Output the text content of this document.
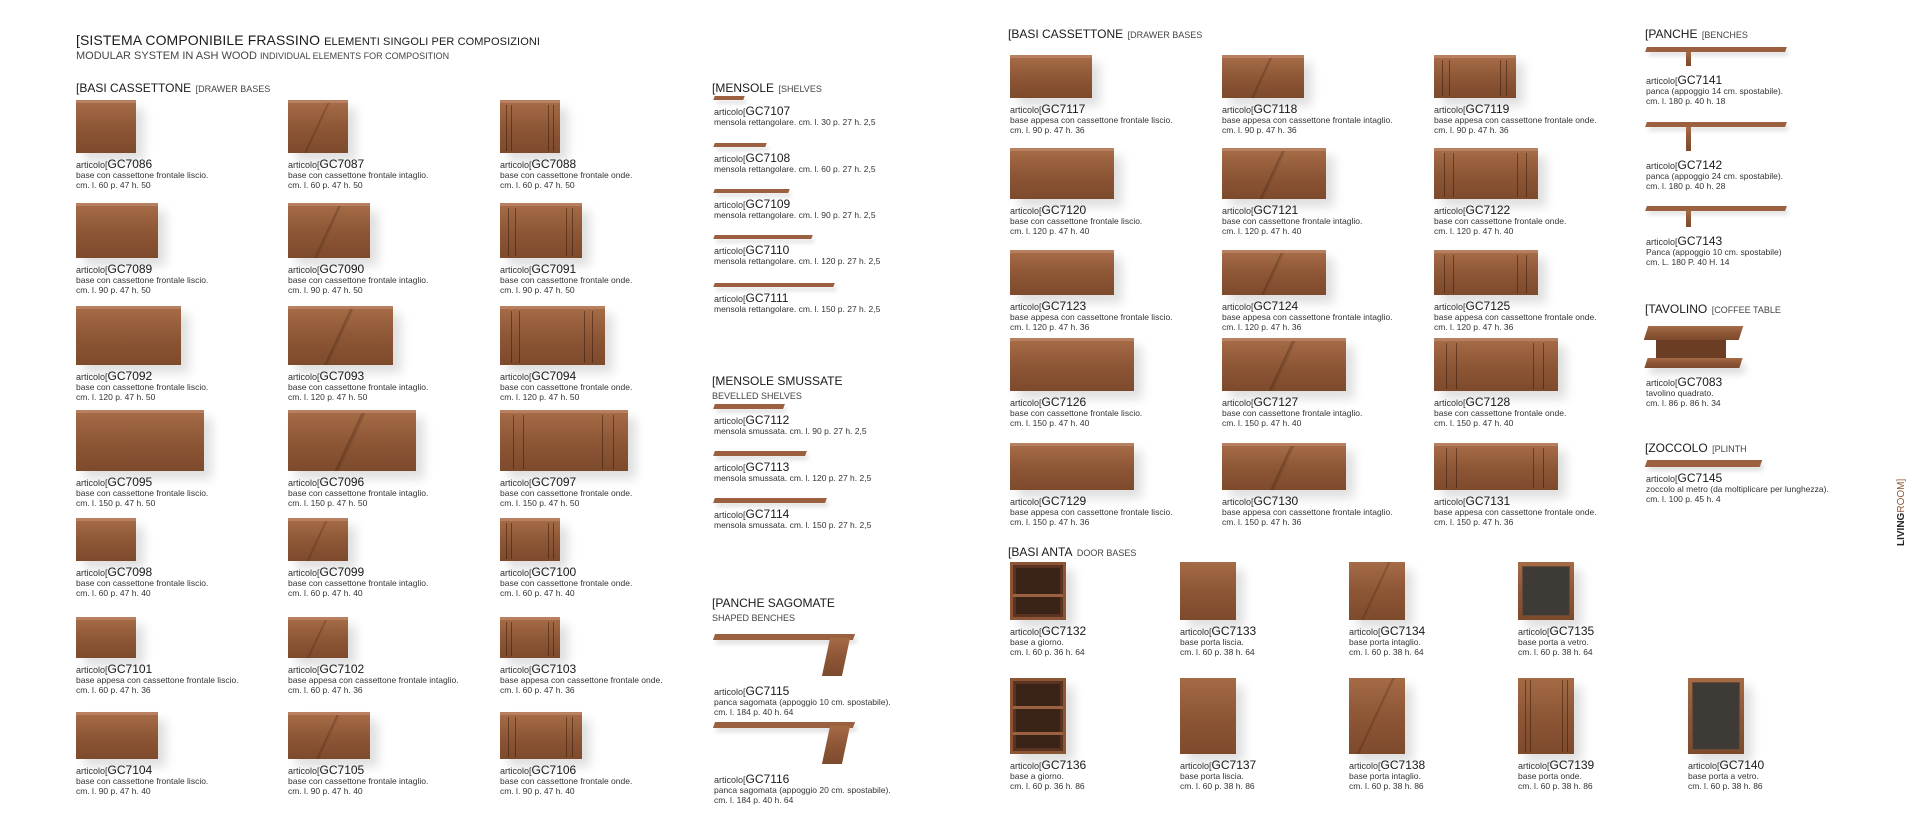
[SISTEMA COMPONIBILE FRASSINO ELEMENTI SINGOLI PER COMPOSIZIONI
MODULAR SYSTEM IN ASH WOOD INDIVIDUAL ELEMENTS FOR COMPOSITION
[BASI CASSETTONE [DRAWER BASES	[MENSOLE [SHELVES
[MENSOLE SMUSSATE
BEVELLED SHELVES
[PANCHE SAGOMATE
SHAPED BENCHES
[BASI CASSETTONE [DRAWER BASES	[PANCHE [BENCHES
[TAVOLINO [COFFEE TABLE
[ZOCCOLO [PLINTH
[BASI ANTA DOOR BASES
LIVINGROOM]
articolo[GC7086
base con cassettone frontale liscio.
cm. l. 60 p. 47 h. 50
articolo[GC7087
base con cassettone frontale intaglio.
cm. l. 60 p. 47 h. 50
articolo[GC7088
base con cassettone frontale onde.
cm. l. 60 p. 47 h. 50
articolo[GC7089
base con cassettone frontale liscio.
cm. l. 90 p. 47 h. 50
articolo[GC7090
base con cassettone frontale intaglio.
cm. l. 90 p. 47 h. 50
articolo[GC7091
base con cassettone frontale onde.
cm. l. 90 p. 47 h. 50
articolo[GC7092
base con cassettone frontale liscio.
cm. l. 120 p. 47 h. 50
articolo[GC7093
base con cassettone frontale intaglio.
cm. l. 120 p. 47 h. 50
articolo[GC7094
base con cassettone frontale onde.
cm. l. 120 p. 47 h. 50
articolo[GC7095
base con cassettone frontale liscio.
cm. l. 150 p. 47 h. 50
articolo[GC7096
base con cassettone frontale intaglio.
cm. l. 150 p. 47 h. 50
articolo[GC7097
base con cassettone frontale onde.
cm. l. 150 p. 47 h. 50
articolo[GC7098
base con cassettone frontale liscio.
cm. l. 60 p. 47 h. 40
articolo[GC7099
base con cassettone frontale intaglio.
cm. l. 60 p. 47 h. 40
articolo[GC7100
base con cassettone frontale onde.
cm. l. 60 p. 47 h. 40
articolo[GC7101
base appesa con cassettone frontale liscio.
cm. l. 60 p. 47 h. 36
articolo[GC7102
base appesa con cassettone frontale intaglio.
cm. l. 60 p. 47 h. 36
articolo[GC7103
base appesa con cassettone frontale onde.
cm. l. 60 p. 47 h. 36
articolo[GC7104
base con cassettone frontale liscio.
cm. l. 90 p. 47 h. 40
articolo[GC7105
base con cassettone frontale intaglio.
cm. l. 90 p. 47 h. 40
articolo[GC7106
base con cassettone frontale onde.
cm. l. 90 p. 47 h. 40
articolo[GC7107
mensola rettangolare. cm. l. 30 p. 27 h. 2,5
articolo[GC7108
mensola rettangolare. cm. l. 60 p. 27 h. 2,5
articolo[GC7109
mensola rettangolare. cm. l. 90 p. 27 h. 2,5
articolo[GC7110
mensola rettangolare. cm. l. 120 p. 27 h. 2,5
articolo[GC7111
mensola rettangolare. cm. l. 150 p. 27 h. 2,5
articolo[GC7112
mensola smussata. cm. l. 90 p. 27 h. 2,5
articolo[GC7113
mensola smussata. cm. l. 120 p. 27 h. 2,5
articolo[GC7114
mensola smussata. cm. l. 150 p. 27 h. 2,5
articolo[GC7115
panca sagomata (appoggio 10 cm. spostabile).
cm. l. 184 p. 40 h. 64
articolo[GC7116
panca sagomata (appoggio 20 cm. spostabile).
cm. l. 184 p. 40 h. 64
articolo[GC7117
base appesa con cassettone frontale liscio.
cm. l. 90 p. 47 h. 36
articolo[GC7118
base appesa con cassettone frontale intaglio.
cm. l. 90 p. 47 h. 36
articolo[GC7119
base appesa con cassettone frontale onde.
cm. l. 90 p. 47 h. 36
articolo[GC7120
base con cassettone frontale liscio.
cm. l. 120 p. 47 h. 40
articolo[GC7121
base con cassettone frontale intaglio.
cm. l. 120 p. 47 h. 40
articolo[GC7122
base con cassettone frontale onde.
cm. l. 120 p. 47 h. 40
articolo[GC7123
base appesa con cassettone frontale liscio.
cm. l. 120 p. 47 h. 36
articolo[GC7124
base appesa con cassettone frontale intaglio.
cm. l. 120 p. 47 h. 36
articolo[GC7125
base appesa con cassettone frontale onde.
cm. l. 120 p. 47 h. 36
articolo[GC7126
base con cassettone frontale liscio.
cm. l. 150 p. 47 h. 40
articolo[GC7127
base con cassettone frontale intaglio.
cm. l. 150 p. 47 h. 40
articolo[GC7128
base con cassettone frontale onde.
cm. l. 150 p. 47 h. 40
articolo[GC7129
base appesa con cassettone frontale liscio.
cm. l. 150 p. 47 h. 36
articolo[GC7130
base appesa con cassettone frontale intaglio.
cm. l. 150 p. 47 h. 36
articolo[GC7131
base appesa con cassettone frontale onde.
cm. l. 150 p. 47 h. 36
articolo[GC7141
panca (appoggio 14 cm. spostabile).
cm. l. 180 p. 40 h. 18
articolo[GC7142
panca (appoggio 24 cm. spostabile).
cm. l. 180 p. 40 h. 28
articolo[GC7143
Panca (appoggio 10 cm. spostabile)
cm. L. 180 P. 40 H. 14
articolo[GC7083
tavolino quadrato.
cm. l. 86 p. 86 h. 34
articolo[GC7145
zoccolo al metro (da moltiplicare per lunghezza).
cm. l. 100 p. 45 h. 4
articolo[GC7132
base a giorno.
cm. l. 60 p. 36 h. 64
articolo[GC7133
base porta liscia.
cm. l. 60 p. 38 h. 64
articolo[GC7134
base porta intaglio.
cm. l. 60 p. 38 h. 64
articolo[GC7135
base porta a vetro.
cm. l. 60 p. 38 h. 64
articolo[GC7136
base a giorno.
cm. l. 60 p. 36 h. 86
articolo[GC7137
base porta liscia.
cm. l. 60 p. 38 h. 86
articolo[GC7138
base porta intaglio.
cm. l. 60 p. 38 h. 86
articolo[GC7139
base porta onde.
cm. l. 60 p. 38 h. 86
articolo[GC7140
base porta a vetro.
cm. l. 60 p. 38 h. 86
